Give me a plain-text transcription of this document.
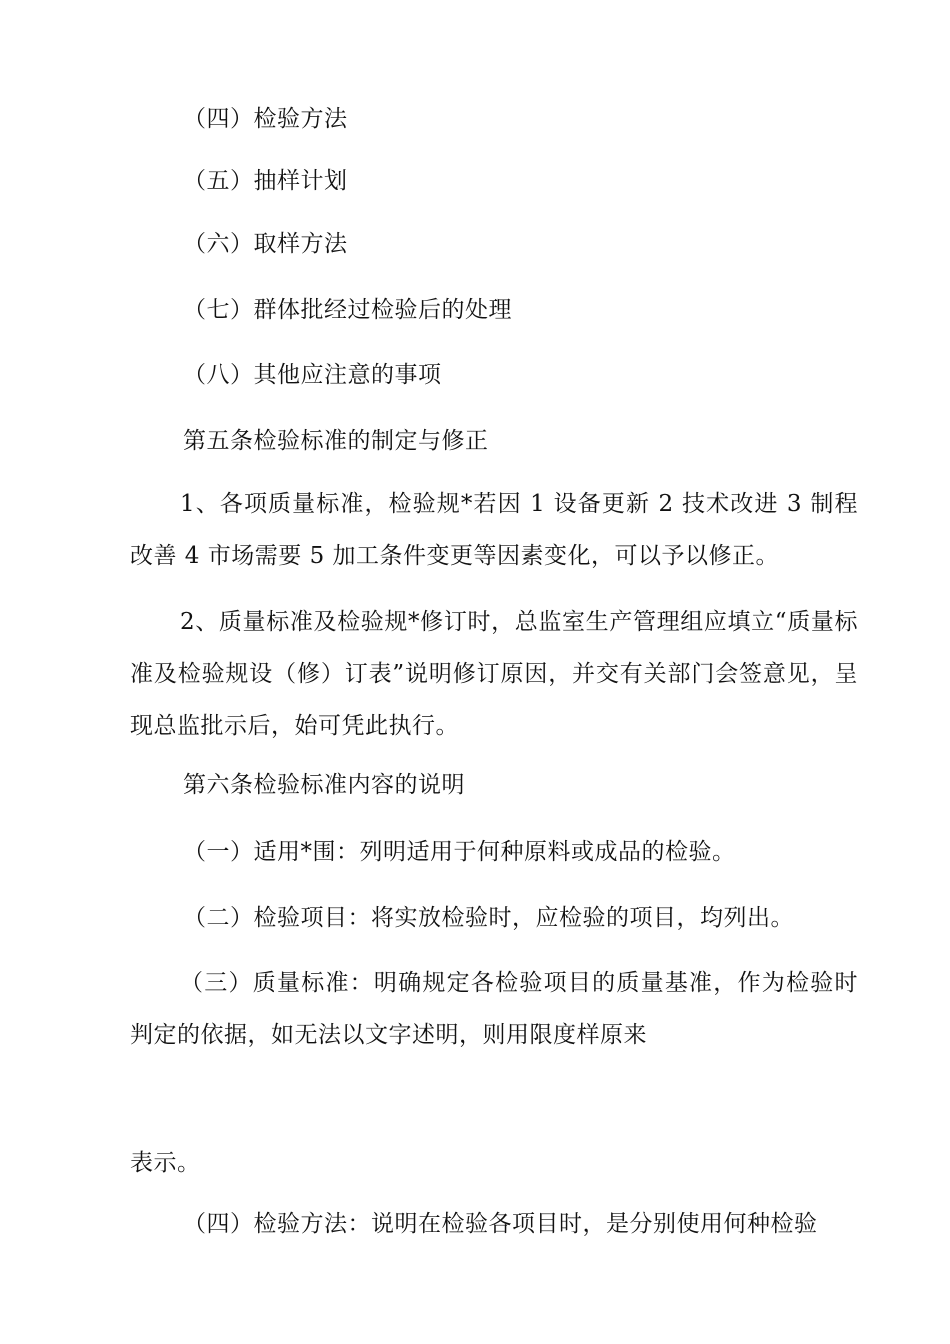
（四）检验方法
（五）抽样计划
（六）取样方法
（七）群体批经过检验后的处理
（八）其他应注意的事项
第五条检验标准的制定与修正
1、各项质量标准，检验规*若因 1 设备更新 2 技术改进 3 制程改善 4 市场需要 5 加工条件变更等因素变化，可以予以修正。
2、质量标准及检验规*修订时，总监室生产管理组应填立“质量标准及检验规设（修）订表”说明修订原因，并交有关部门会签意见，呈现总监批示后，始可凭此执行。
第六条检验标准内容的说明
（一）适用*围：列明适用于何种原料或成品的检验。
（二）检验项目：将实放检验时，应检验的项目，均列出。
（三）质量标准：明确规定各检验项目的质量基准，作为检验时判定的依据，如无法以文字述明，则用限度样原来
表示。
（四）检验方法：说明在检验各项目时，是分别使用何种检验
